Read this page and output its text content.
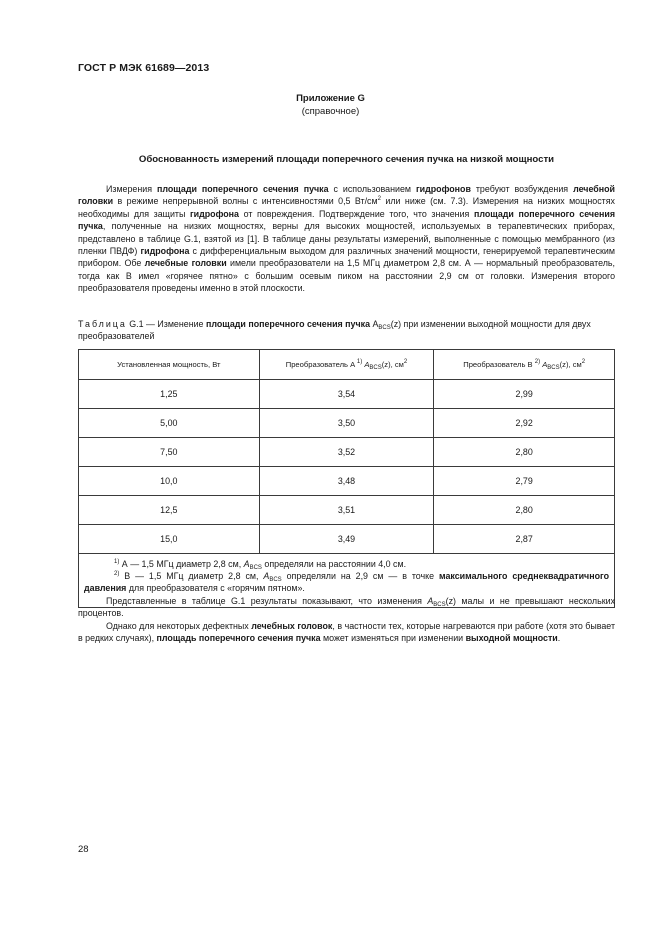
ГОСТ Р МЭК 61689—2013
Приложение G
(справочное)
Обоснованность измерений площади поперечного сечения пучка на низкой мощности

Измерения площади поперечного сечения пучка с использованием гидрофонов требуют возбуждения лечебной головки в режиме непрерывной волны с интенсивностями 0,5 $Вт/см^2$ или ниже (см. 7.3). Измерения на низких мощностях необходимы для защиты гидрофона от повреждения. Подтверждение того, что значения площади поперечного сечения пучка, полученные на низких мощностях, верны для высоких мощностей, используемых в терапевтических приборах, представлено в таблице G.1, взятой из [1]. В таблице даны результаты измерений, выполненные с помощью мембранного (из пленки ПВДФ) гидрофона с дифференциальным выходом для различных значений мощности, генерируемой терапевтическим прибором. Обе лечебные головки имели преобразователи на 1,5 МГц диаметром 2,8 см. А — нормальный преобразователь, тогда как В имел «горячее пятно» с большим осевым пиком на расстоянии 2,9 см от головки. Измерения второго преобразователя проведены именно в этой плоскости.

Таблица G.1 — Изменение площади поперечного сечения пучка $A_{BCS}(z)$ при изменении выходной мощности для двух преобразователей
Установленная мощность, Вт	Преобразователь A $^{1)}$ $A_{BCS}(z)$, $см^2$	Преобразователь B $^{2)}$ $A_{BCS}(z)$, $см^2$
1,25	3,54	2,99
5,00	3,50	2,92
7,50	3,52	2,80
10,0	3,48	2,79
12,5	3,51	2,80
15,0	3,49	2,87

$^{1)}$ А — 1,5 МГц диаметр 2,8 см, $A_{BCS}$ определяли на расстоянии 4,0 см.
$^{2)}$ В — 1,5 МГц диаметр 2,8 см, $A_{BCS}$ определяли на 2,9 см — в точке максимального среднеквадратичного давления для преобразователя с «горячим пятном».		

Представленные в таблице G.1 результаты показывают, что изменения $A_{BCS}(z)$ малы и не превышают нескольких процентов.

Однако для некоторых дефектных лечебных головок, в частности тех, которые нагреваются при работе (хотя это бывает в редких случаях), площадь поперечного сечения пучка может изменяться при изменении выходной мощности.

28
